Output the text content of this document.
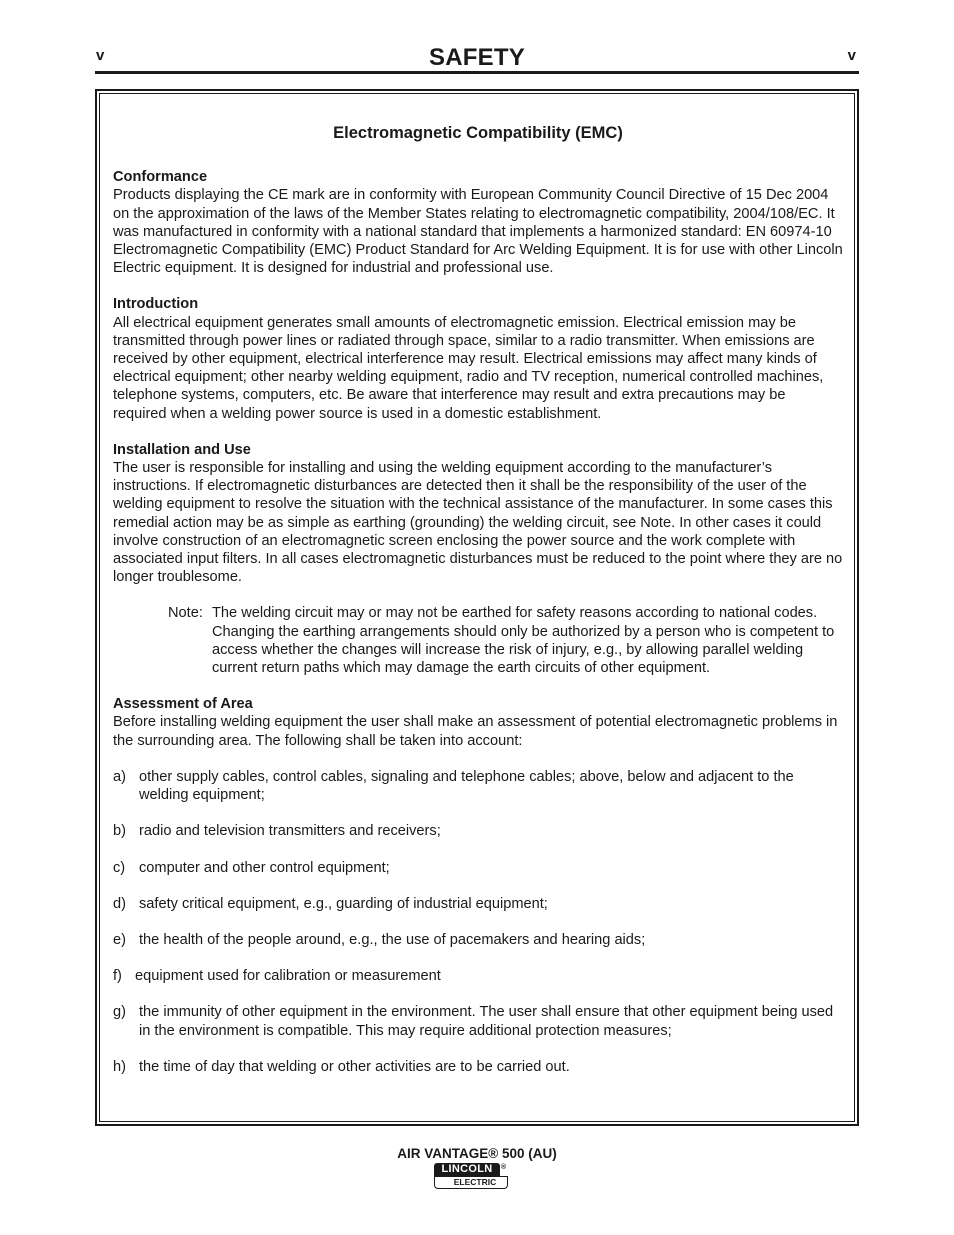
v	SAFETY	v

Electromagnetic Compatibility (EMC)

Conformance

Products displaying the CE mark are in conformity with European Community Council Directive of 15 Dec 2004 on the approximation of the laws of the Member States relating to electromagnetic compatibility, 2004/108/EC. It was manufactured in conformity with a national standard that implements a harmonized standard: EN 60974-10 Electromagnetic Compatibility (EMC) Product Standard for Arc Welding Equipment. It is for use with other Lincoln Electric equipment. It is designed for industrial and professional use.

Introduction

All electrical equipment generates small amounts of electromagnetic emission. Electrical emission may be transmitted through power lines or radiated through space, similar to a radio transmitter. When emissions are received by other equipment, electrical interference may result. Electrical emissions may affect many kinds of electrical equipment; other nearby welding equipment, radio and TV reception, numerical controlled machines, telephone systems, computers, etc. Be aware that interference may result and extra precautions may be required when a welding power source is used in a domestic establishment.

Installation and Use

The user is responsible for installing and using the welding equipment according to the manufacturer’s instructions. If electromagnetic disturbances are detected then it shall be the responsibility of the user of the welding equipment to resolve the situation with the technical assistance of the manufacturer. In some cases this remedial action may be as simple as earthing (grounding) the welding circuit, see Note. In other cases it could involve construction of an electromagnetic screen enclosing the power source and the work complete with associated input filters. In all cases electromagnetic disturbances must be reduced to the point where they are no longer troublesome.

Note: The welding circuit may or may not be earthed for safety reasons according to national codes. Changing the earthing arrangements should only be authorized by a person who is competent to access whether the changes will increase the risk of injury, e.g., by allowing parallel welding current return paths which may damage the earth circuits of other equipment.

Assessment of Area

Before installing welding equipment the user shall make an assessment of potential electromagnetic problems in the surrounding area. The following shall be taken into account:

a) other supply cables, control cables, signaling and telephone cables; above, below and adjacent to the welding equipment;
b) radio and television transmitters and receivers;
c) computer and other control equipment;
d) safety critical equipment, e.g., guarding of industrial equipment;
e) the health of the people around, e.g., the use of pacemakers and hearing aids;
f) equipment used for calibration or measurement
g) the immunity of other equipment in the environment. The user shall ensure that other equipment being used in the environment is compatible. This may require additional protection measures;
h) the time of day that welding or other activities are to be carried out.
AIR VANTAGE® 500 (AU)
LINCOLN	®
ELECTRIC
